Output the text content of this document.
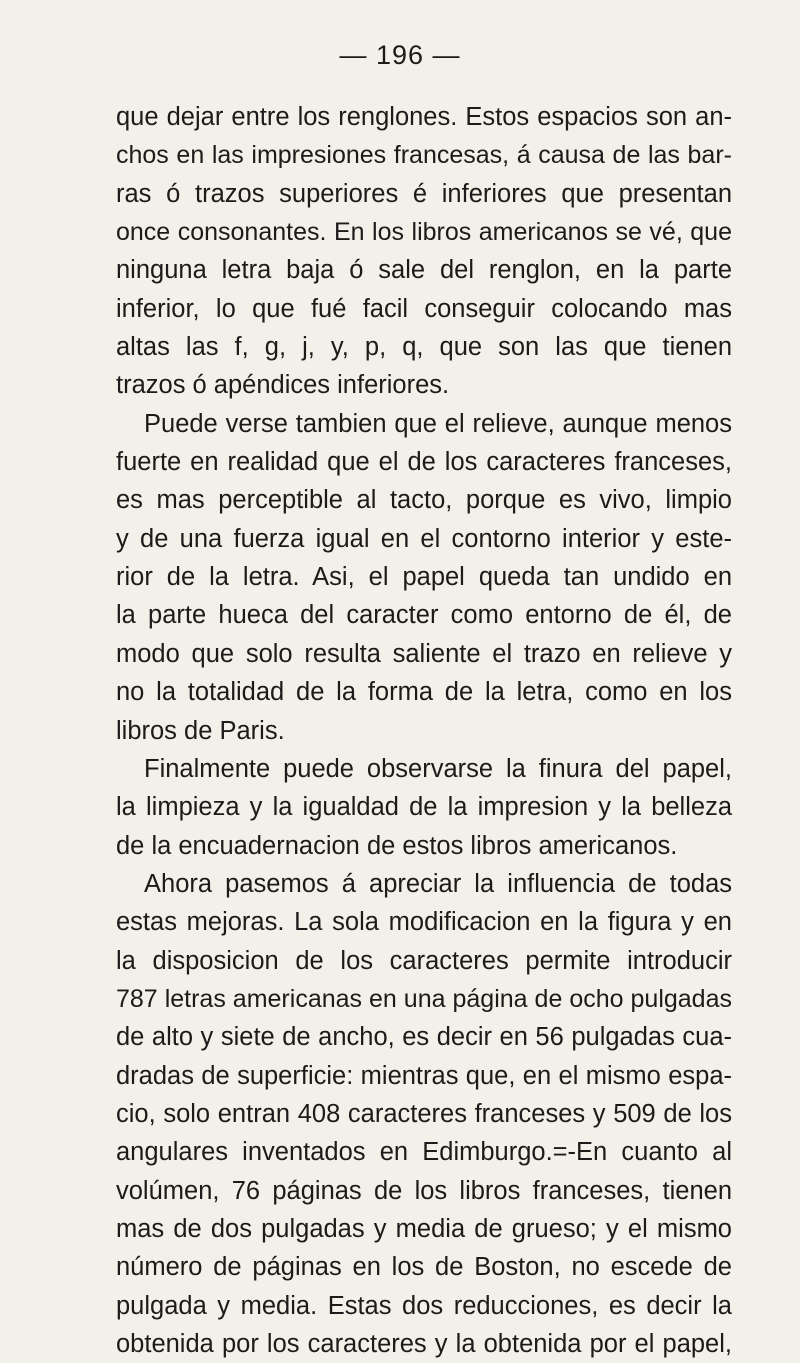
— 196 —
que dejar entre los renglones. Estos espacios son an-
chos en las impresiones francesas, á causa de las bar-
ras ó trazos superiores é inferiores que presentan
once consonantes. En los libros americanos se vé, que
ninguna letra baja ó sale del renglon, en la parte
inferior, lo que fué facil conseguir colocando mas
altas las f, g, j, y, p, q, que son las que tienen
trazos ó apéndices inferiores.
Puede verse tambien que el relieve, aunque menos
fuerte en realidad que el de los caracteres franceses,
es mas perceptible al tacto, porque es vivo, limpio
y de una fuerza igual en el contorno interior y este-
rior de la letra. Asi, el papel queda tan undido en
la parte hueca del caracter como entorno de él, de
modo que solo resulta saliente el trazo en relieve y
no la totalidad de la forma de la letra, como en los
libros de Paris.
Finalmente puede observarse la finura del papel,
la limpieza y la igualdad de la impresion y la belleza
de la encuadernacion de estos libros americanos.
Ahora pasemos á apreciar la influencia de todas
estas mejoras. La sola modificacion en la figura y en
la disposicion de los caracteres permite introducir
787 letras americanas en una página de ocho pulgadas
de alto y siete de ancho, es decir en 56 pulgadas cua-
dradas de superficie: mientras que, en el mismo espa-
cio, solo entran 408 caracteres franceses y 509 de los
angulares inventados en Edimburgo.=-En cuanto al
volúmen, 76 páginas de los libros franceses, tienen
mas de dos pulgadas y media de grueso; y el mismo
número de páginas en los de Boston, no escede de
pulgada y media. Estas dos reducciones, es decir la
obtenida por los caracteres y la obtenida por el papel,
